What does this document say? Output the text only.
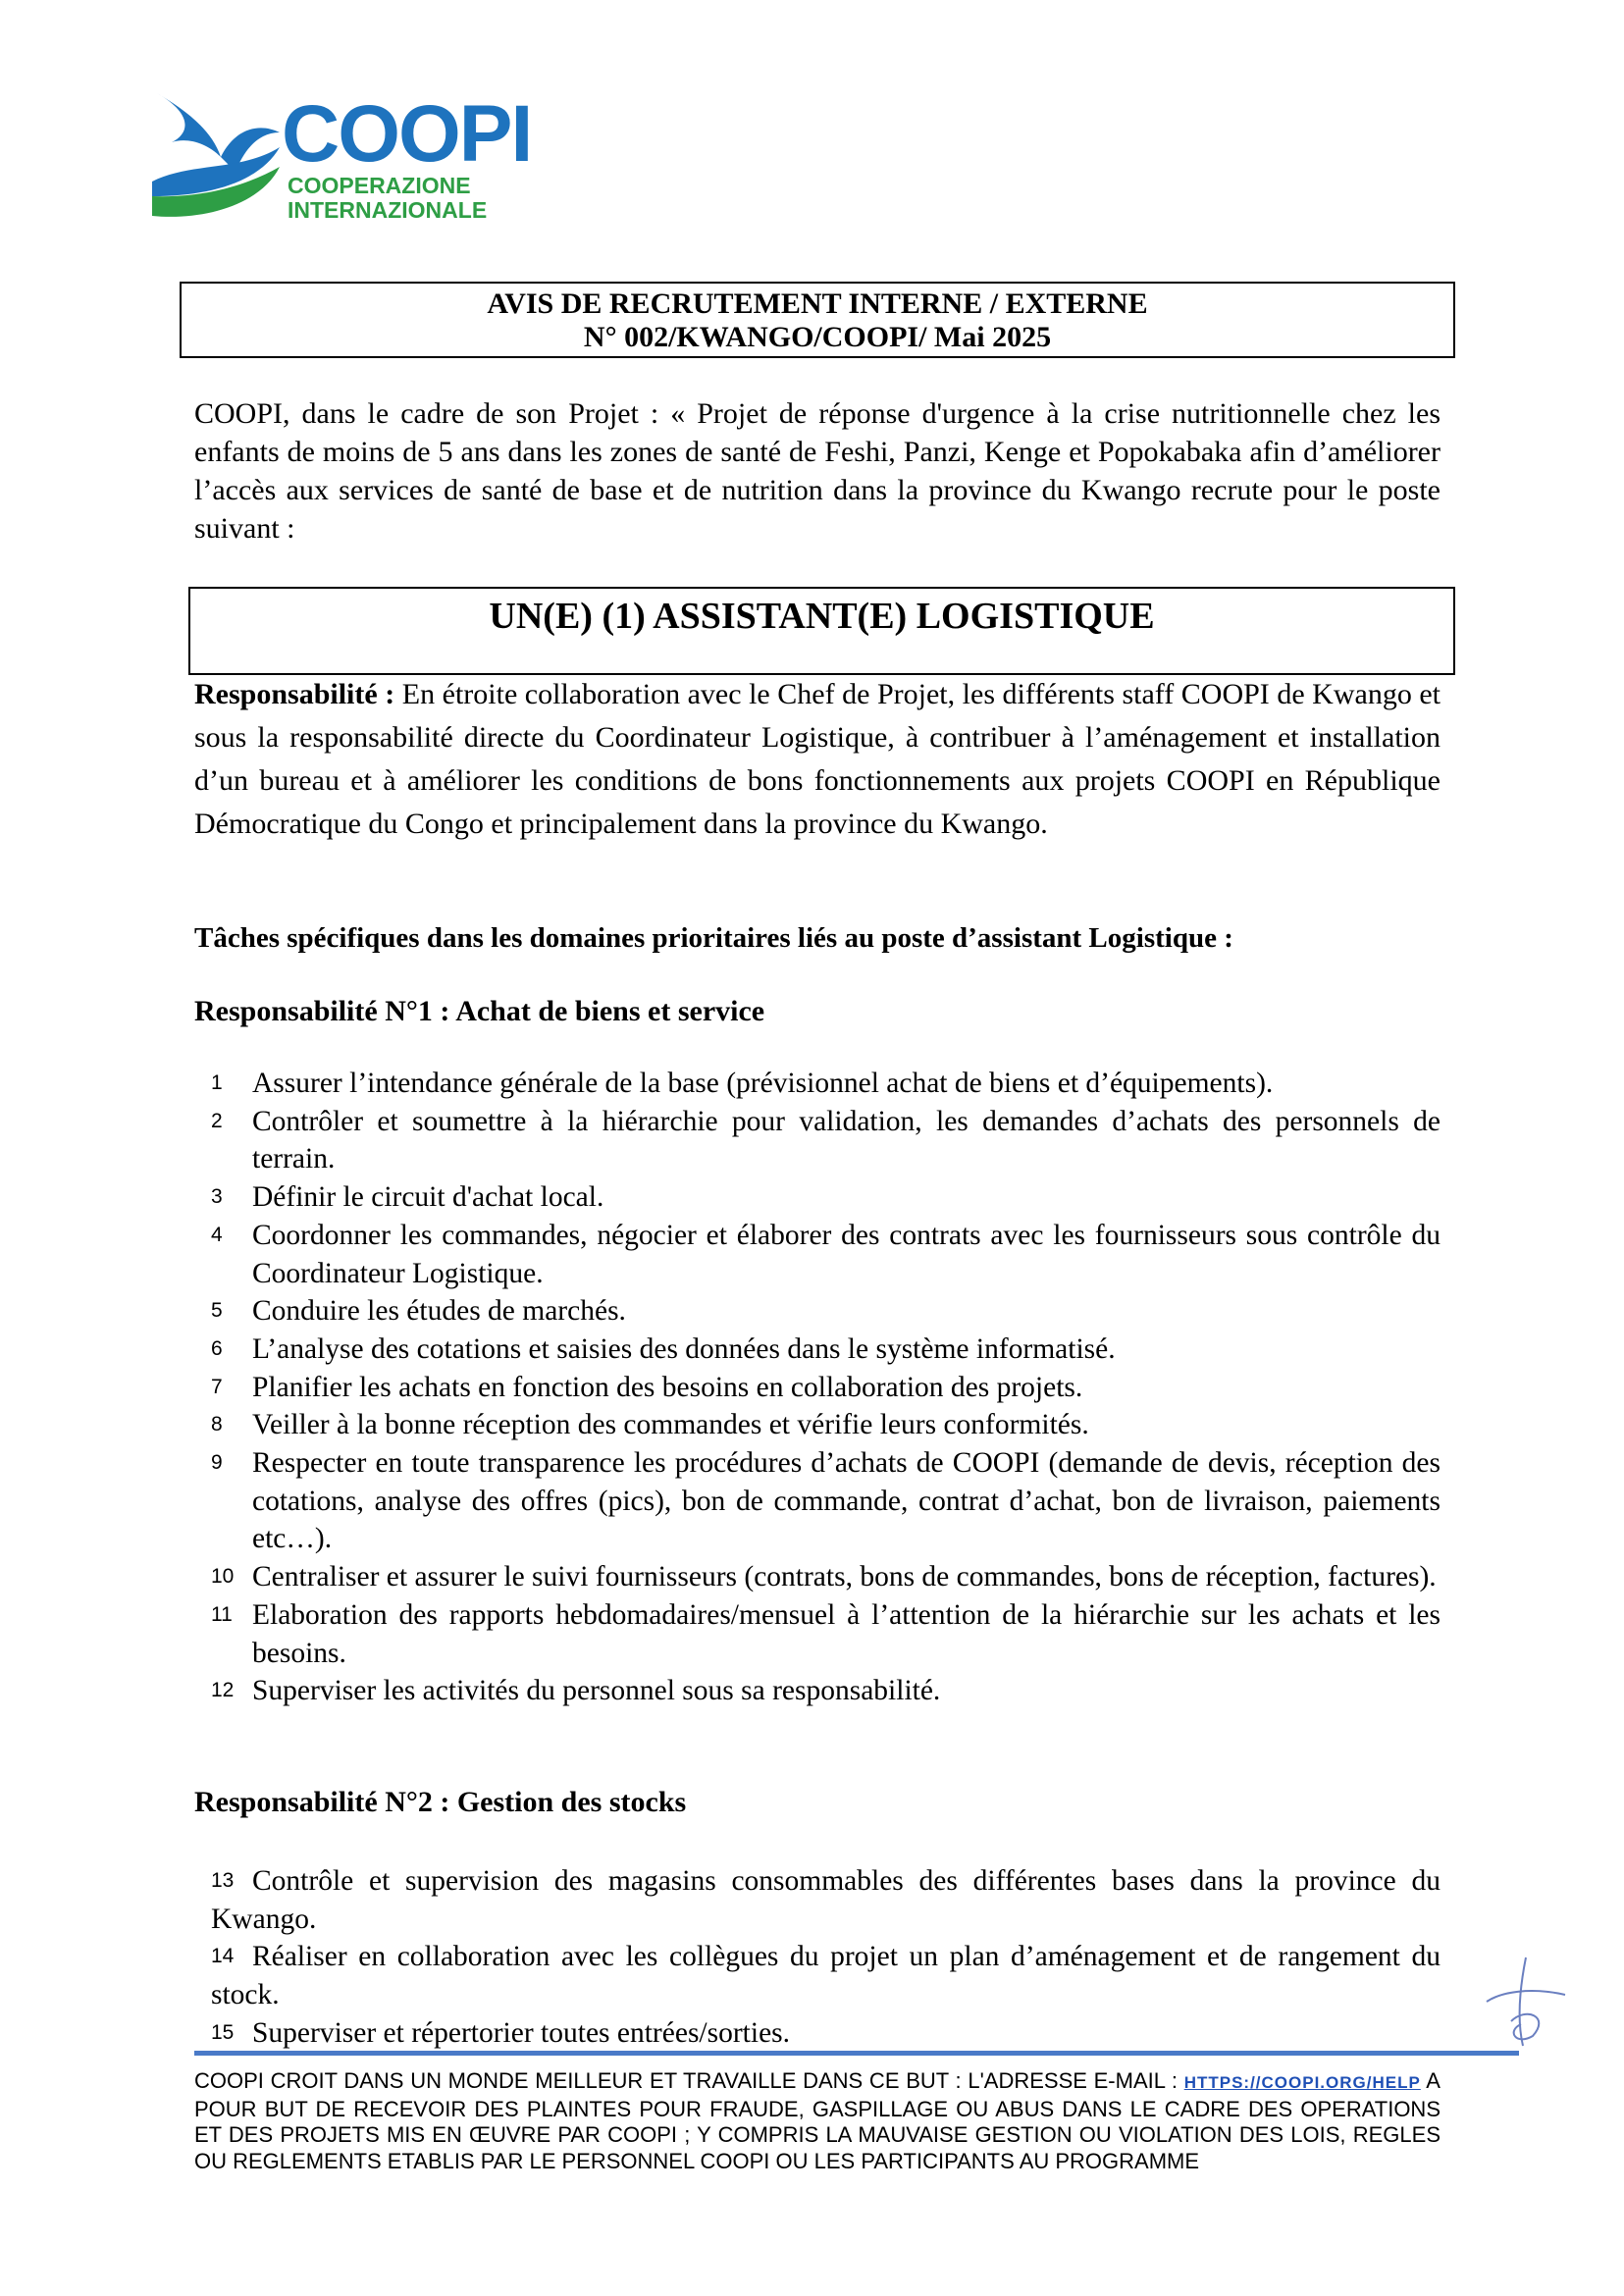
COOPI
COOPERAZIONE
INTERNAZIONALE
AVIS DE RECRUTEMENT INTERNE / EXTERNE
N° 002/KWANGO/COOPI/ Mai 2025
COOPI, dans le cadre de son Projet : « Projet de réponse d'urgence à la crise nutritionnelle chez les enfants de moins de 5 ans dans les zones de santé de Feshi, Panzi, Kenge et Popokabaka afin d’améliorer l’accès aux services de santé de base et de nutrition dans la province du Kwango recrute pour le poste suivant :
UN(E) (1) ASSISTANT(E) LOGISTIQUE
Responsabilité : En étroite collaboration avec le Chef de Projet, les différents staff COOPI de Kwango et sous la responsabilité directe du Coordinateur Logistique, à contribuer à l’aménagement et installation d’un bureau et à améliorer les conditions de bons fonctionnements aux projets COOPI en République Démocratique du Congo et principalement dans la province du Kwango.
Tâches spécifiques dans les domaines prioritaires liés au poste d’assistant Logistique :
Responsabilité N°1 : Achat de biens et service
1 Assurer l’intendance générale de la base (prévisionnel achat de biens et d’équipements).
2 Contrôler et soumettre à la hiérarchie pour validation, les demandes d’achats des personnels de terrain.
3 Définir le circuit d'achat local.
4 Coordonner les commandes, négocier et élaborer des contrats avec les fournisseurs sous contrôle du Coordinateur Logistique.
5 Conduire les études de marchés.
6 L’analyse des cotations et saisies des données dans le système informatisé.
7 Planifier les achats en fonction des besoins en collaboration des projets.
8 Veiller à la bonne réception des commandes et vérifie leurs conformités.
9 Respecter en toute transparence les procédures d’achats de COOPI (demande de devis, réception des cotations, analyse des offres (pics), bon de commande, contrat d’achat, bon de livraison, paiements etc…).
10 Centraliser et assurer le suivi fournisseurs (contrats, bons de commandes, bons de réception, factures).
11 Elaboration des rapports hebdomadaires/mensuel à l’attention de la hiérarchie sur les achats et les besoins.
12 Superviser les activités du personnel sous sa responsabilité.
Responsabilité N°2 : Gestion des stocks
13 Contrôle et supervision des magasins consommables des différentes bases dans la province du Kwango.
14 Réaliser en collaboration avec les collègues du projet un plan d’aménagement et de rangement du stock.
15 Superviser et répertorier toutes entrées/sorties.
COOPI CROIT DANS UN MONDE MEILLEUR ET TRAVAILLE DANS CE BUT : L'ADRESSE E-MAIL : HTTPS://COOPI.ORG/HELP A POUR BUT DE RECEVOIR DES PLAINTES POUR FRAUDE, GASPILLAGE OU ABUS DANS LE CADRE DES OPERATIONS ET DES PROJETS MIS EN ŒUVRE PAR COOPI ; Y COMPRIS LA MAUVAISE GESTION OU VIOLATION DES LOIS, REGLES OU REGLEMENTS ETABLIS PAR LE PERSONNEL COOPI OU LES PARTICIPANTS AU PROGRAMME
